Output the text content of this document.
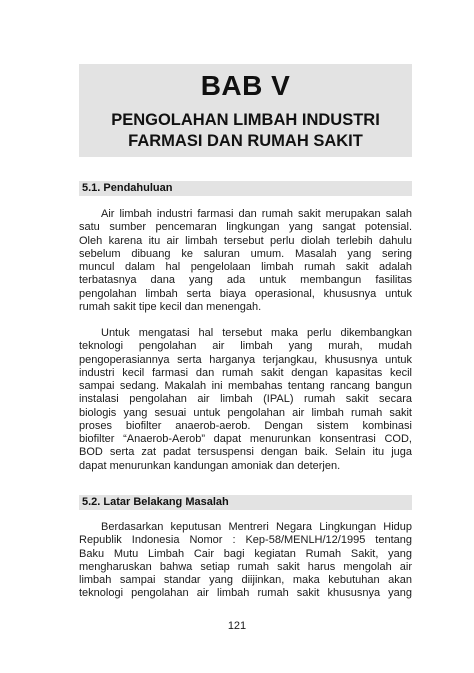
BAB V
PENGOLAHAN LIMBAH INDUSTRI
FARMASI DAN RUMAH SAKIT
5.1. Pendahuluan
Air limbah industri farmasi dan rumah sakit merupakan salah
satu sumber pencemaran lingkungan yang sangat potensial.
Oleh karena itu air limbah tersebut perlu diolah terlebih dahulu
sebelum dibuang ke saluran umum. Masalah yang sering
muncul dalam hal pengelolaan limbah rumah sakit adalah
terbatasnya dana yang ada untuk membangun fasilitas
pengolahan limbah serta biaya operasional, khususnya untuk
rumah sakit tipe kecil dan menengah.
Untuk mengatasi hal tersebut maka perlu dikembangkan
teknologi pengolahan air limbah yang murah, mudah
pengoperasiannya serta harganya terjangkau, khususnya untuk
industri kecil farmasi dan rumah sakit dengan kapasitas kecil
sampai sedang. Makalah ini membahas tentang rancang bangun
instalasi pengolahan air limbah (IPAL) rumah sakit secara
biologis yang sesuai untuk pengolahan air limbah rumah sakit
proses biofilter anaerob-aerob. Dengan sistem kombinasi
biofilter “Anaerob-Aerob” dapat menurunkan konsentrasi COD,
BOD serta zat padat tersuspensi dengan baik. Selain itu juga
dapat menurunkan kandungan amoniak dan deterjen.
5.2. Latar Belakang Masalah
Berdasarkan keputusan Mentreri Negara Lingkungan Hidup
Republik Indonesia Nomor : Kep-58/MENLH/12/1995 tentang
Baku Mutu Limbah Cair bagi kegiatan Rumah Sakit, yang
mengharuskan bahwa setiap rumah sakit harus mengolah air
limbah sampai standar yang diijinkan, maka kebutuhan akan
teknologi pengolahan air limbah rumah sakit khususnya yang
121
